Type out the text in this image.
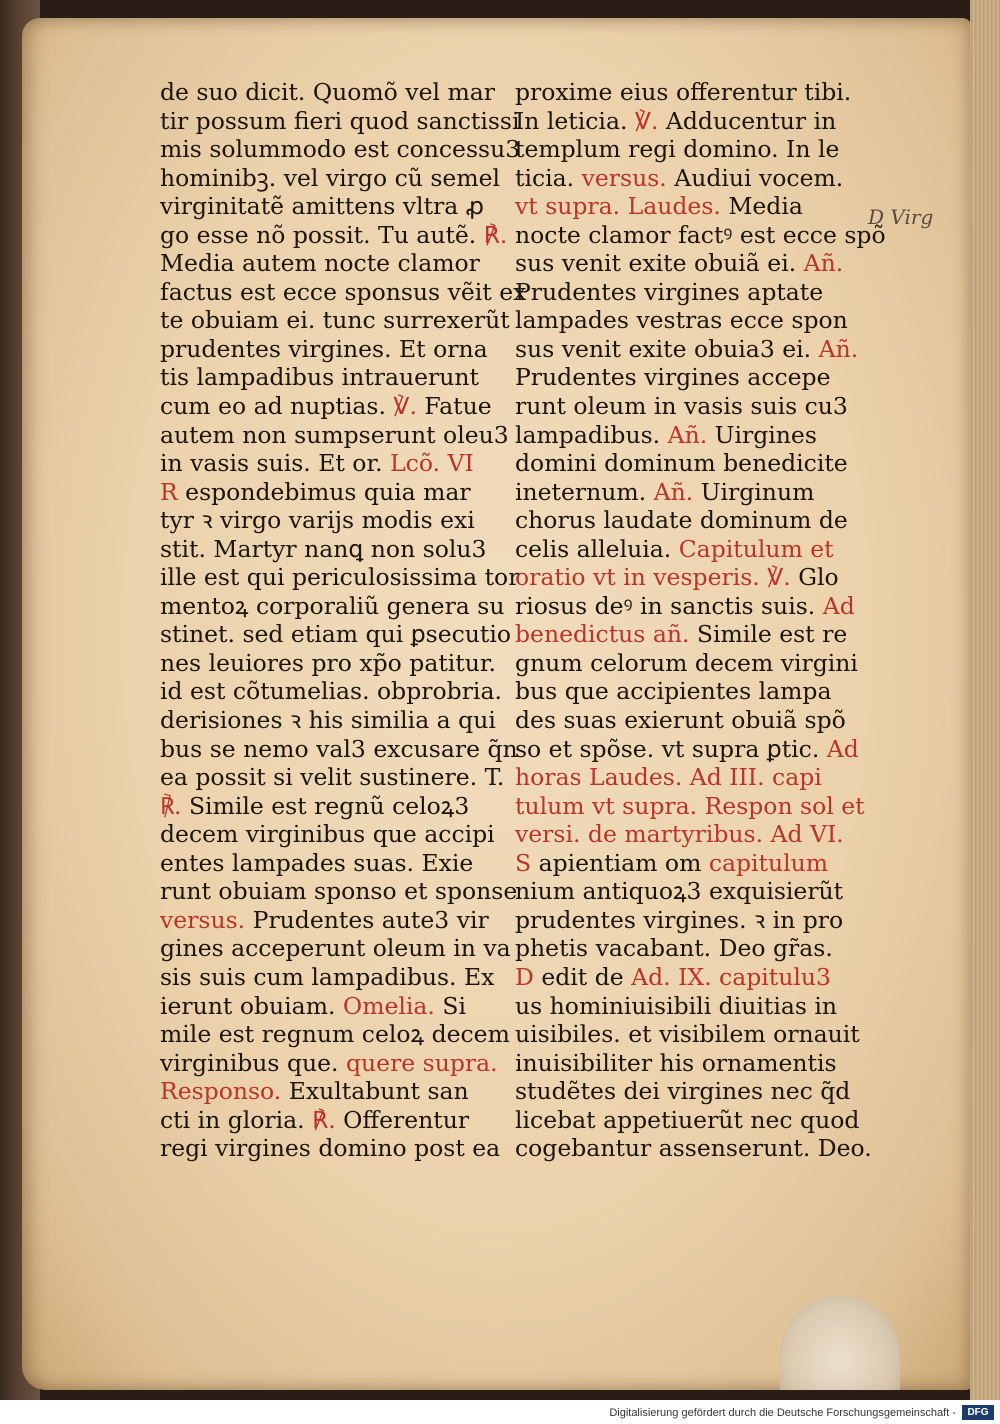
de suo dicit. Quomõ vel mar
tir possum fieri quod sanctissi
mis solummodo est concessu3
hominibꝫ. vel virgo cũ semel
virginitatẽ amittens vltra ꝓ
go esse nõ possit. Tu autẽ. ℟.
Media autem nocte clamor
factus est ecce sponsus vẽit ex
te obuiam ei. tunc surrexerũt
prudentes virgines. Et orna
tis lampadibus intrauerunt
cum eo ad nuptias. ℣. Fatue
autem non sumpserunt oleu3
in vasis suis. Et or. Lcõ. VI
R espondebimus quia mar
tyr ꝛ virgo varijs modis exi
stit. Martyr nanꝗ non solu3
ille est qui periculosissima tor
mentoꝝ corporaliũ genera su
stinet. sed etiam qui ꝑsecutio
nes leuiores pro xp̃o patitur.
id est cõtumelias. obprobria.
derisiones ꝛ his similia a qui
bus se nemo val3 excusare q̃n
ea possit si velit sustinere. T.
℟. Simile est regnũ celoꝝ3
decem virginibus que accipi
entes lampades suas. Exie
runt obuiam sponso et sponse
versus. Prudentes aute3 vir
gines acceperunt oleum in va
sis suis cum lampadibus. Ex
ierunt obuiam. Omelia. Si
mile est regnum celoꝝ decem
virginibus que. quere supra.
Responso. Exultabunt san
cti in gloria. ℟. Offerentur
regi virgines domino post ea
proxime eius offerentur tibi.
In leticia. ℣. Adducentur in
templum regi domino. In le
ticia. versus. Audiui vocem.
vt supra. Laudes. Media
nocte clamor factꝰ est ecce spõ
sus venit exite obuiã ei. Añ.
Prudentes virgines aptate
lampades vestras ecce spon
sus venit exite obuia3 ei. Añ.
Prudentes virgines accepe
runt oleum in vasis suis cu3
lampadibus. Añ. Uirgines
domini dominum benedicite
ineternum. Añ. Uirginum
chorus laudate dominum de
celis alleluia. Capitulum et
oratio vt in vesperis. ℣. Glo
riosus deꝰ in sanctis suis. Ad
benedictus añ. Simile est re
gnum celorum decem virgini
bus que accipientes lampa
des suas exierunt obuiã spõ
so et spõse. vt supra ꝑtic. Ad
horas Laudes. Ad III. capi
tulum vt supra. Respon sol et
versi. de martyribus. Ad VI.
S apientiam om capitulum
nium antiquoꝝ3 exquisierũt
prudentes virgines. ꝛ in pro
phetis vacabant. Deo gr̃as.
D edit de Ad. IX. capitulu3
us hominiuisibili diuitias in
uisibiles. et visibilem ornauit
inuisibiliter his ornamentis
studẽtes dei virgines nec q̃d
licebat appetiuerũt nec quod
cogebantur assenserunt. Deo.
D Virg
Digitalisierung gefördert durch die Deutsche Forschungsgemeinschaft -	DFG
